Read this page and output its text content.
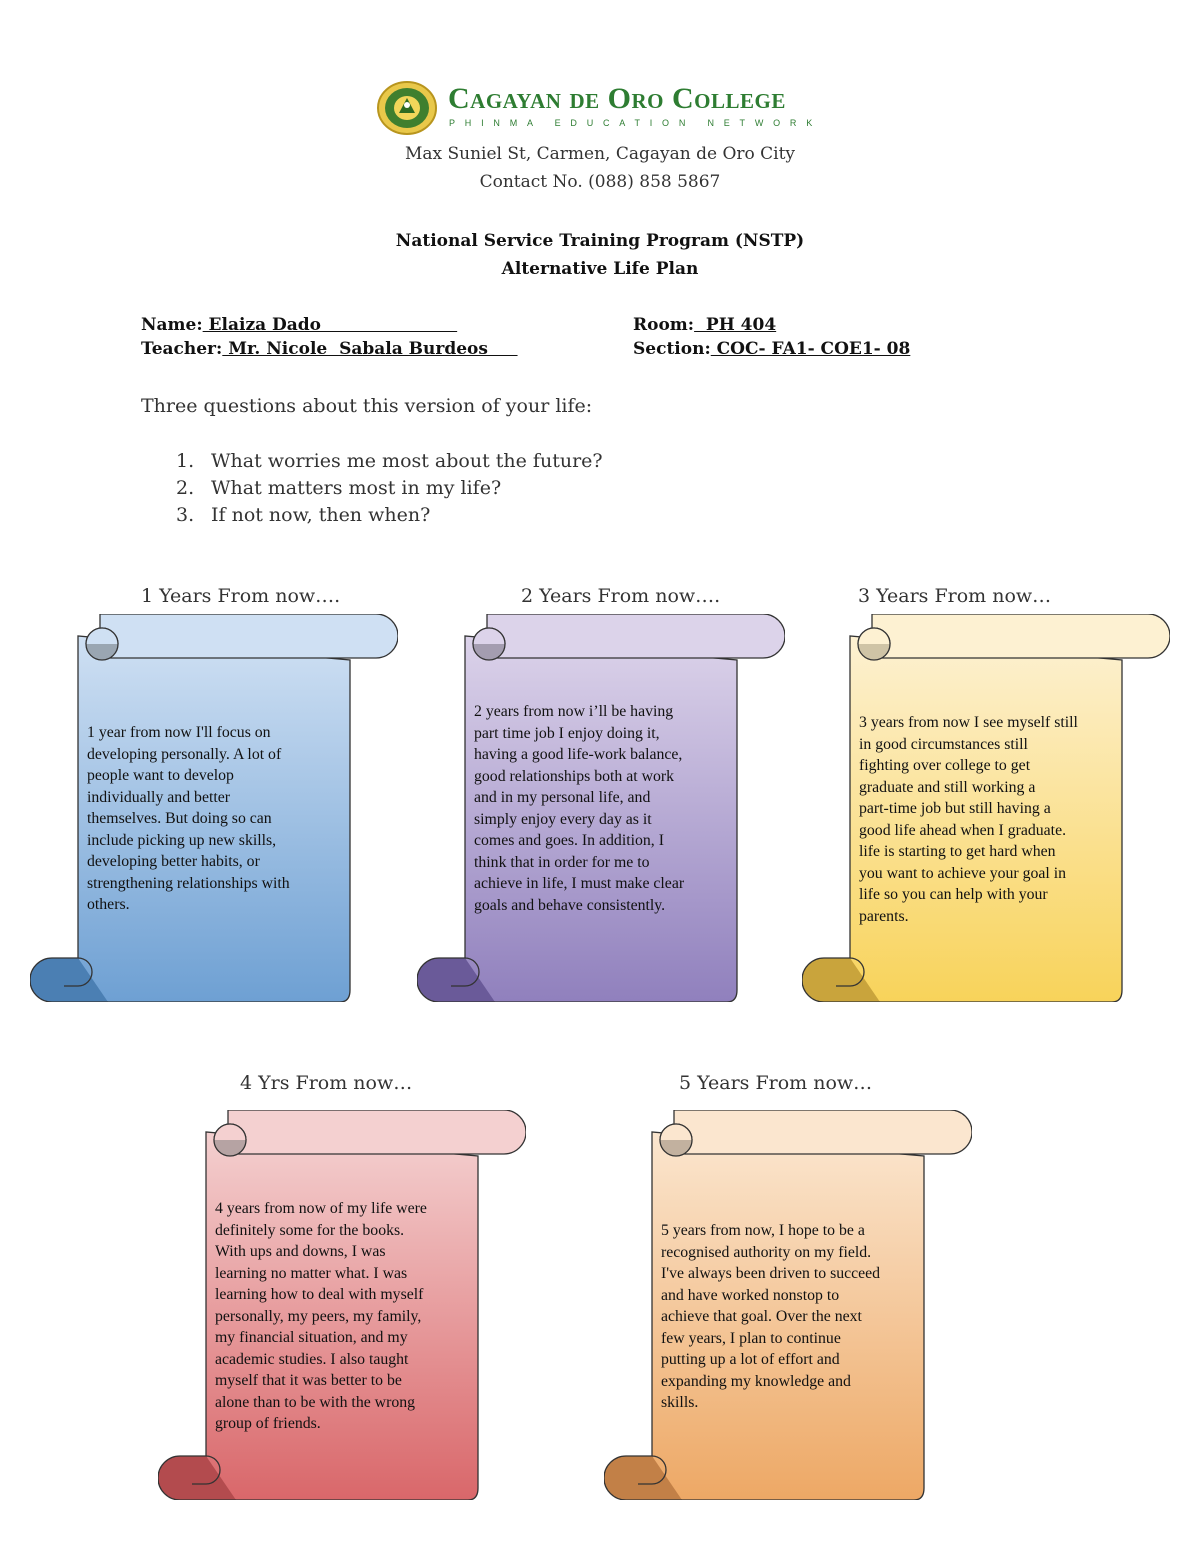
Cagayan de Oro College
PHINMA EDUCATION NETWORK
Max Suniel St, Carmen, Cagayan de Oro City
Contact No. (088) 858 5867
National Service Training Program (NSTP)
Alternative Life Plan
Name: Elaiza Dado
Teacher: Mr. Nicole  Sabala Burdeos
Room:  PH 404
Section: COC- FA1- COE1- 08
Three questions about this version of your life:
1. What worries me most about the future?
2. What matters most in my life?
3. If not now, then when?
1 Years From now….	2 Years From now….	3 Years From now…
4 Yrs From now…	5 Years From now…
1 year from now I'll focus on
developing personally. A lot of
people want to develop
individually and better
themselves. But doing so can
include picking up new skills,
developing better habits, or
strengthening relationships with
others.
2 years from now i’ll be having
part time job I enjoy doing it,
having a good life-work balance,
good relationships both at work
and in my personal life, and
simply enjoy every day as it
comes and goes. In addition, I
think that in order for me to
achieve in life, I must make clear
goals and behave consistently.
3 years from now I see myself still
in good circumstances still
fighting over college to get
graduate and still working a
part-time job but still having a
good life ahead when I graduate.
life is starting to get hard when
you want to achieve your goal in
life so you can help with your
parents.
4 years from now of my life were
definitely some for the books.
With ups and downs, I was
learning no matter what. I was
learning how to deal with myself
personally, my peers, my family,
my financial situation, and my
academic studies. I also taught
myself that it was better to be
alone than to be with the wrong
group of friends.
5 years from now, I hope to be a
recognised authority on my field.
I've always been driven to succeed
and have worked nonstop to
achieve that goal. Over the next
few years, I plan to continue
putting up a lot of effort and
expanding my knowledge and
skills.
